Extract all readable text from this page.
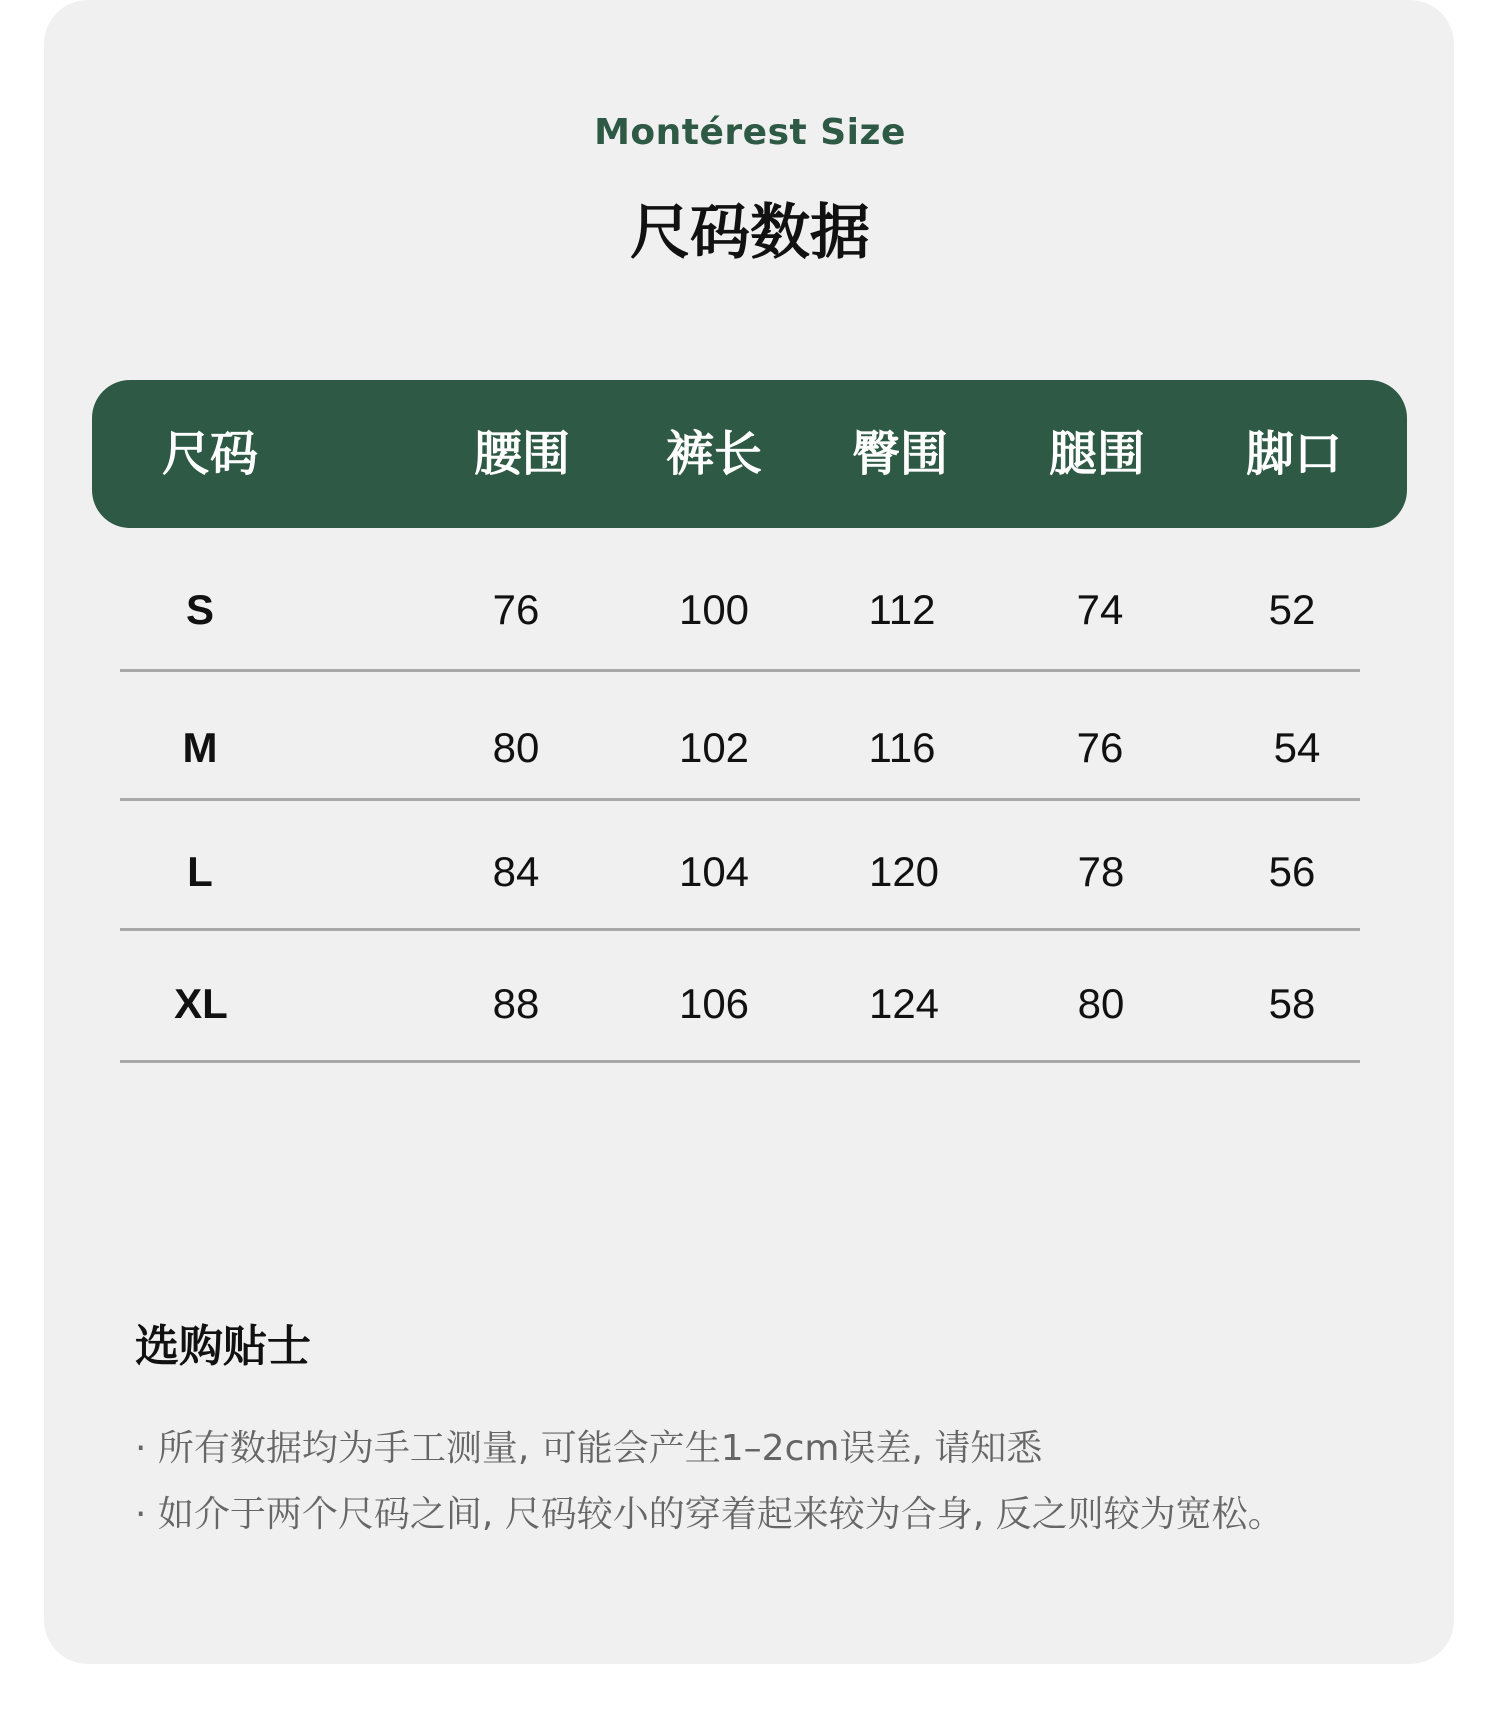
Montérest Size
尺码数据
尺码	腰围 裤长 臀围 腿围 脚口
S	76	100	112	74	52
M	80	102	116	76	54
L	84	104	120	78	56
XL	88	106	124	80	58
选购贴士
· 所有数据均为手工测量, 可能会产生1–2cm误差, 请知悉
· 如介于两个尺码之间, 尺码较小的穿着起来较为合身, 反之则较为宽松。
